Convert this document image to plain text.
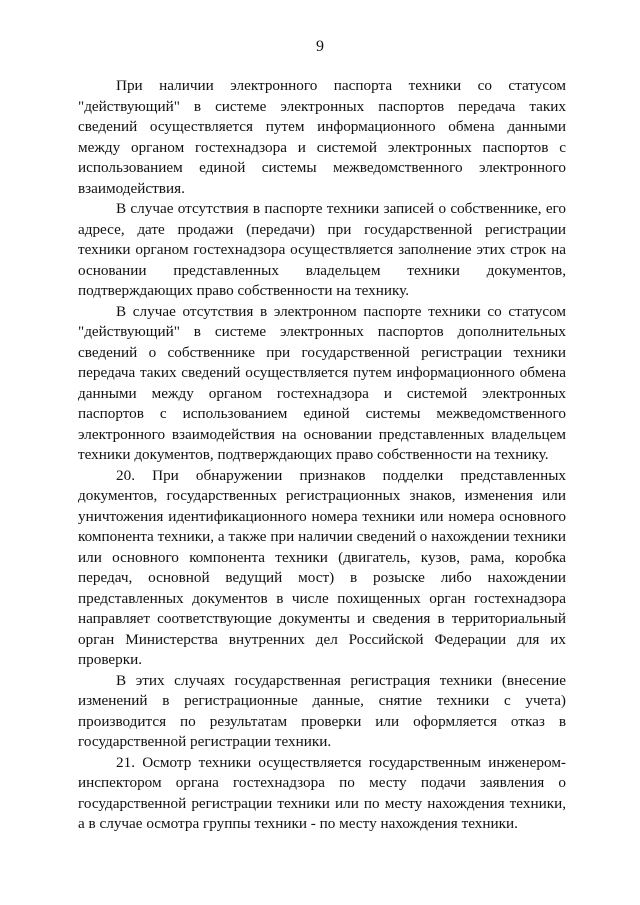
9

При наличии электронного паспорта техники со статусом "действующий" в системе электронных паспортов передача таких сведений осуществляется путем информационного обмена данными между органом гостехнадзора и системой электронных паспортов с использованием единой системы межведомственного электронного взаимодействия.

В случае отсутствия в паспорте техники записей о собственнике, его адресе, дате продажи (передачи) при государственной регистрации техники органом гостехнадзора осуществляется заполнение этих строк на основании представленных владельцем техники документов, подтверждающих право собственности на технику.

В случае отсутствия в электронном паспорте техники со статусом "действующий" в системе электронных паспортов дополнительных сведений о собственнике при государственной регистрации техники передача таких сведений осуществляется путем информационного обмена данными между органом гостехнадзора и системой электронных паспортов с использованием единой системы межведомственного электронного взаимодействия на основании представленных владельцем техники документов, подтверждающих право собственности на технику.

20. При обнаружении признаков подделки представленных документов, государственных регистрационных знаков, изменения или уничтожения идентификационного номера техники или номера основного компонента техники, а также при наличии сведений о нахождении техники или основного компонента техники (двигатель, кузов, рама, коробка передач, основной ведущий мост) в розыске либо нахождении представленных документов в числе похищенных орган гостехнадзора направляет соответствующие документы и сведения в территориальный орган Министерства внутренних дел Российской Федерации для их проверки.

В этих случаях государственная регистрация техники (внесение изменений в регистрационные данные, снятие техники с учета) производится по результатам проверки или оформляется отказ в государственной регистрации техники.

21. Осмотр техники осуществляется государственным инженером-инспектором органа гостехнадзора по месту подачи заявления о государственной регистрации техники или по месту нахождения техники, а в случае осмотра группы техники - по месту нахождения техники.
